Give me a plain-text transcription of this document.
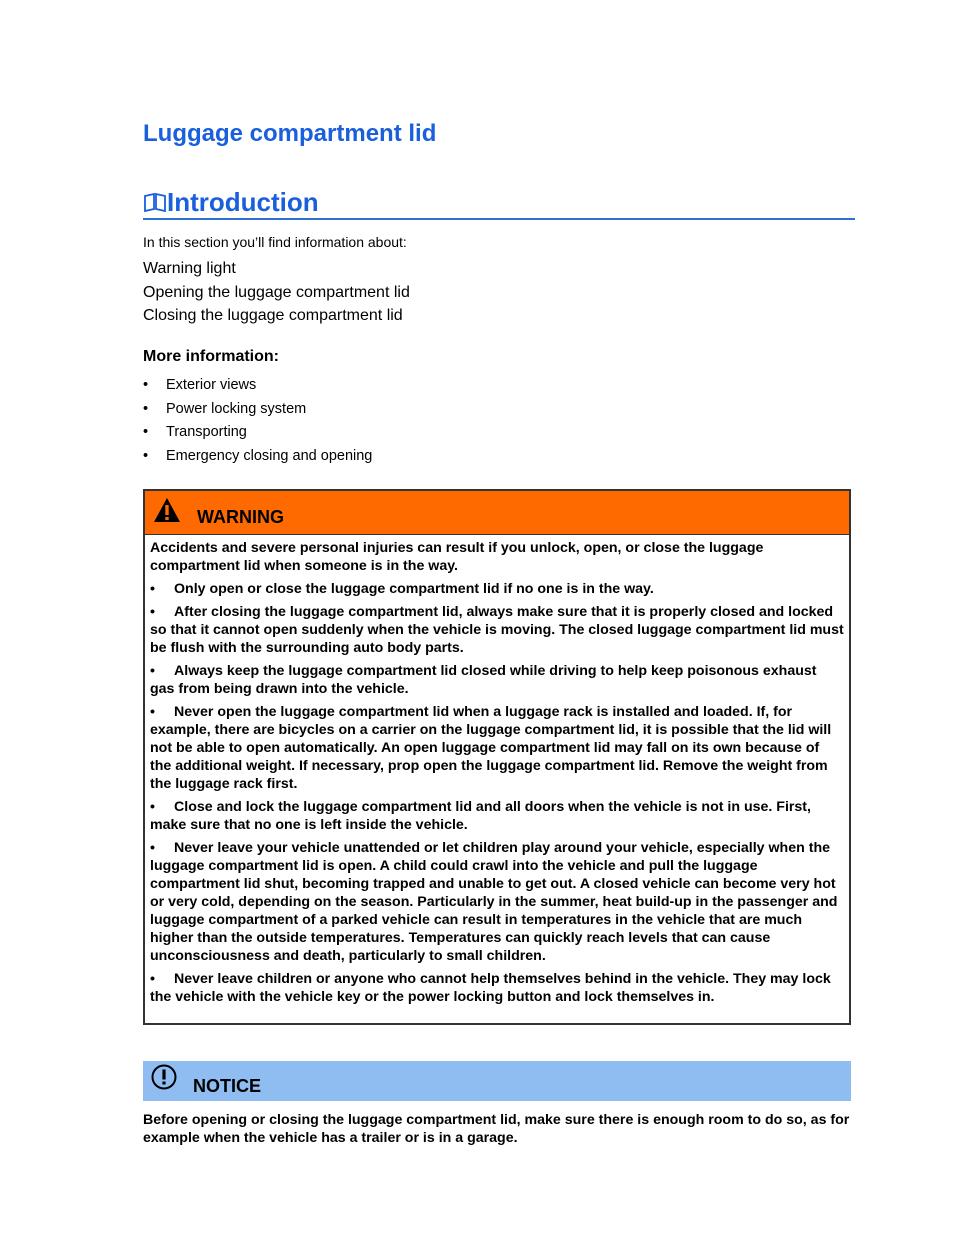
Luggage compartment lid
Introduction
In this section you’ll find information about:
Warning light
Opening the luggage compartment lid
Closing the luggage compartment lid
More information:
• Exterior views
• Power locking system
• Transporting
• Emergency closing and opening
WARNING

Accidents and severe personal injuries can result if you unlock, open, or close the luggage compartment lid when someone is in the way.

• Only open or close the luggage compartment lid if no one is in the way.

• After closing the luggage compartment lid, always make sure that it is properly closed and locked so that it cannot open suddenly when the vehicle is moving. The closed luggage compartment lid must be flush with the surrounding auto body parts.

• Always keep the luggage compartment lid closed while driving to help keep poisonous exhaust gas from being drawn into the vehicle.

• Never open the luggage compartment lid when a luggage rack is installed and loaded. If, for example, there are bicycles on a carrier on the luggage compartment lid, it is possible that the lid will not be able to open automatically. An open luggage compartment lid may fall on its own because of the additional weight. If necessary, prop open the luggage compartment lid. Remove the weight from the luggage rack first.

• Close and lock the luggage compartment lid and all doors when the vehicle is not in use. First, make sure that no one is left inside the vehicle.

• Never leave your vehicle unattended or let children play around your vehicle, especially when the luggage compartment lid is open. A child could crawl into the vehicle and pull the luggage compartment lid shut, becoming trapped and unable to get out. A closed vehicle can become very hot or very cold, depending on the season. Particularly in the summer, heat build-up in the passenger and luggage compartment of a parked vehicle can result in temperatures in the vehicle that are much higher than the outside temperatures. Temperatures can quickly reach levels that can cause unconsciousness and death, particularly to small children.

• Never leave children or anyone who cannot help themselves behind in the vehicle. They may lock the vehicle with the vehicle key or the power locking button and lock themselves in.

NOTICE

Before opening or closing the luggage compartment lid, make sure there is enough room to do so, as for example when the vehicle has a trailer or is in a garage.
